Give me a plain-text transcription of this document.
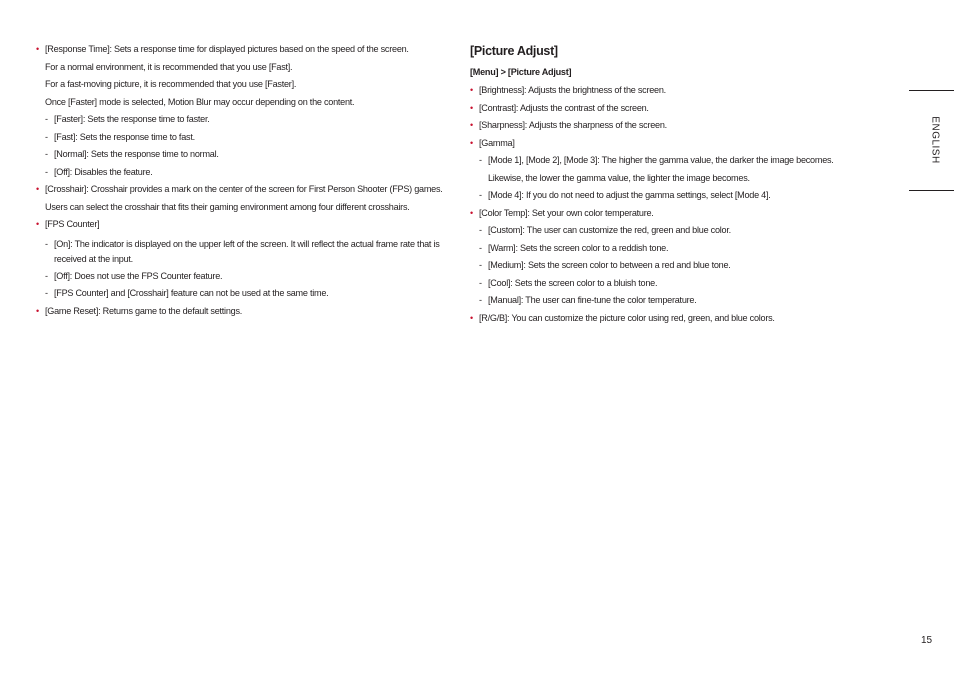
• [Response Time]: Sets a response time for displayed pictures based on the speed of the screen.
For a normal environment, it is recommended that you use [Fast].
For a fast-moving picture, it is recommended that you use [Faster].
Once [Faster] mode is selected, Motion Blur may occur depending on the content.
- [Faster]: Sets the response time to faster.
- [Fast]: Sets the response time to fast.
- [Normal]: Sets the response time to normal.
- [Off]: Disables the feature.
• [Crosshair]: Crosshair provides a mark on the center of the screen for First Person Shooter (FPS) games.
Users can select the crosshair that fits their gaming environment among four different crosshairs.
• [FPS Counter]
- [On]: The indicator is displayed on the upper left of the screen. It will reflect the actual frame rate that is received at the input.
- [Off]: Does not use the FPS Counter feature.
- [FPS Counter] and [Crosshair] feature can not be used at the same time.
• [Game Reset]: Returns game to the default settings.
[Picture Adjust]
[Menu] > [Picture Adjust]
• [Brightness]: Adjusts the brightness of the screen.
• [Contrast]: Adjusts the contrast of the screen.
• [Sharpness]: Adjusts the sharpness of the screen.
• [Gamma]
- [Mode 1], [Mode 2], [Mode 3]: The higher the gamma value, the darker the image becomes.
Likewise, the lower the gamma value, the lighter the image becomes.
- [Mode 4]: If you do not need to adjust the gamma settings, select [Mode 4].
• [Color Temp]: Set your own color temperature.
- [Custom]: The user can customize the red, green and blue color.
- [Warm]: Sets the screen color to a reddish tone.
- [Medium]: Sets the screen color to between a red and blue tone.
- [Cool]: Sets the screen color to a bluish tone.
- [Manual]: The user can fine-tune the color temperature.
• [R/G/B]: You can customize the picture color using red, green, and blue colors.
ENGLISH
15
